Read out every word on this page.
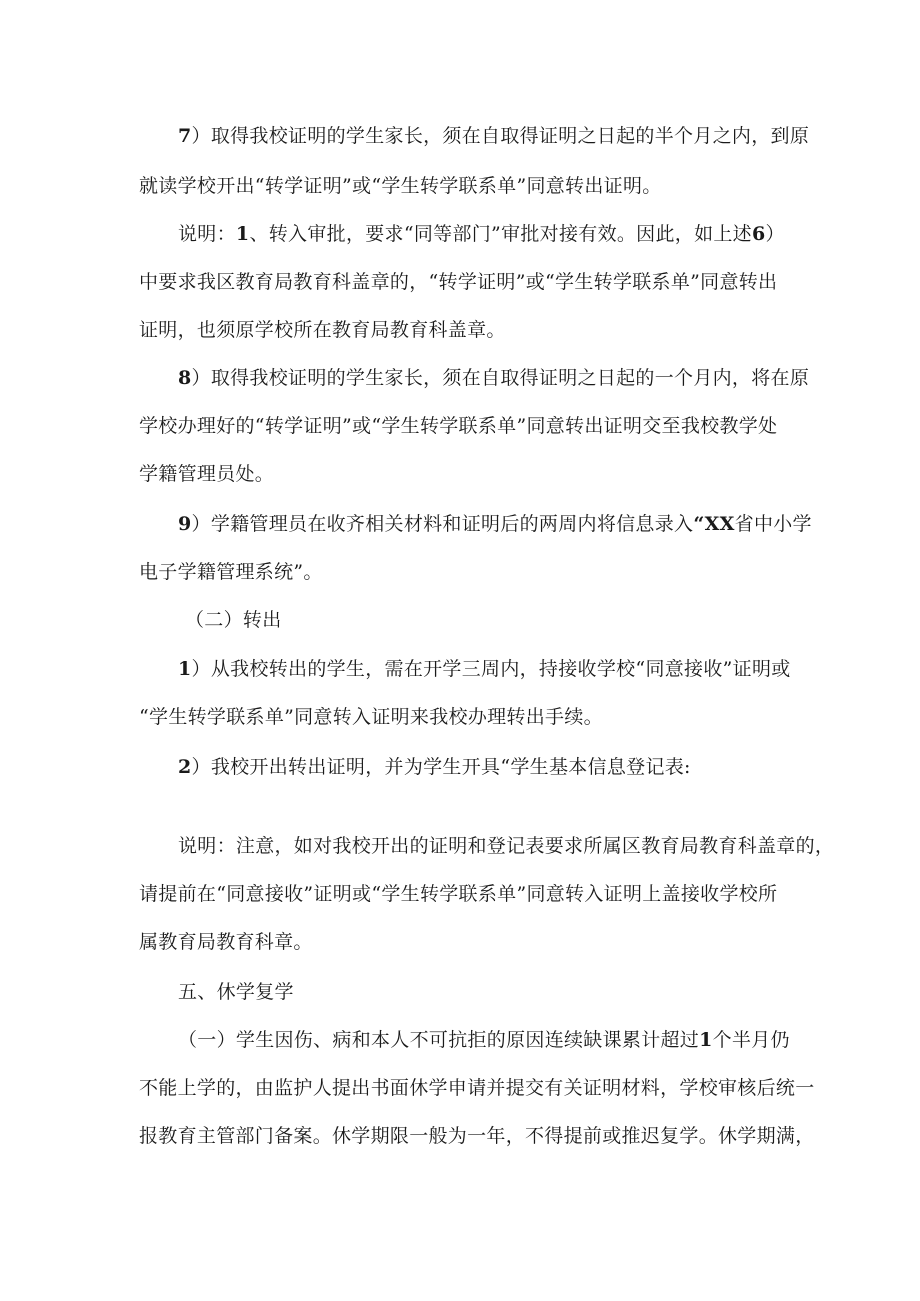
7）取得我校证明的学生家长，须在自取得证明之日起的半个月之内，到原
就读学校开出“转学证明”或“学生转学联系单”同意转出证明。
说明：1、转入审批，要求“同等部门”审批对接有效。因此，如上述6）
中要求我区教育局教育科盖章的，“转学证明”或“学生转学联系单”同意转出
证明，也须原学校所在教育局教育科盖章。
8）取得我校证明的学生家长，须在自取得证明之日起的一个月内，将在原
学校办理好的“转学证明”或“学生转学联系单”同意转出证明交至我校教学处
学籍管理员处。
9）学籍管理员在收齐相关材料和证明后的两周内将信息录入“XX省中小学
电子学籍管理系统”。
（二）转出
1）从我校转出的学生，需在开学三周内，持接收学校“同意接收”证明或
“学生转学联系单”同意转入证明来我校办理转出手续。
2）我校开出转出证明，并为学生开具“学生基本信息登记表:
说明：注意，如对我校开出的证明和登记表要求所属区教育局教育科盖章的，
请提前在“同意接收”证明或“学生转学联系单”同意转入证明上盖接收学校所
属教育局教育科章。
五、休学复学
（一）学生因伤、病和本人不可抗拒的原因连续缺课累计超过1个半月仍
不能上学的，由监护人提出书面休学申请并提交有关证明材料，学校审核后统一
报教育主管部门备案。休学期限一般为一年，不得提前或推迟复学。休学期满，
